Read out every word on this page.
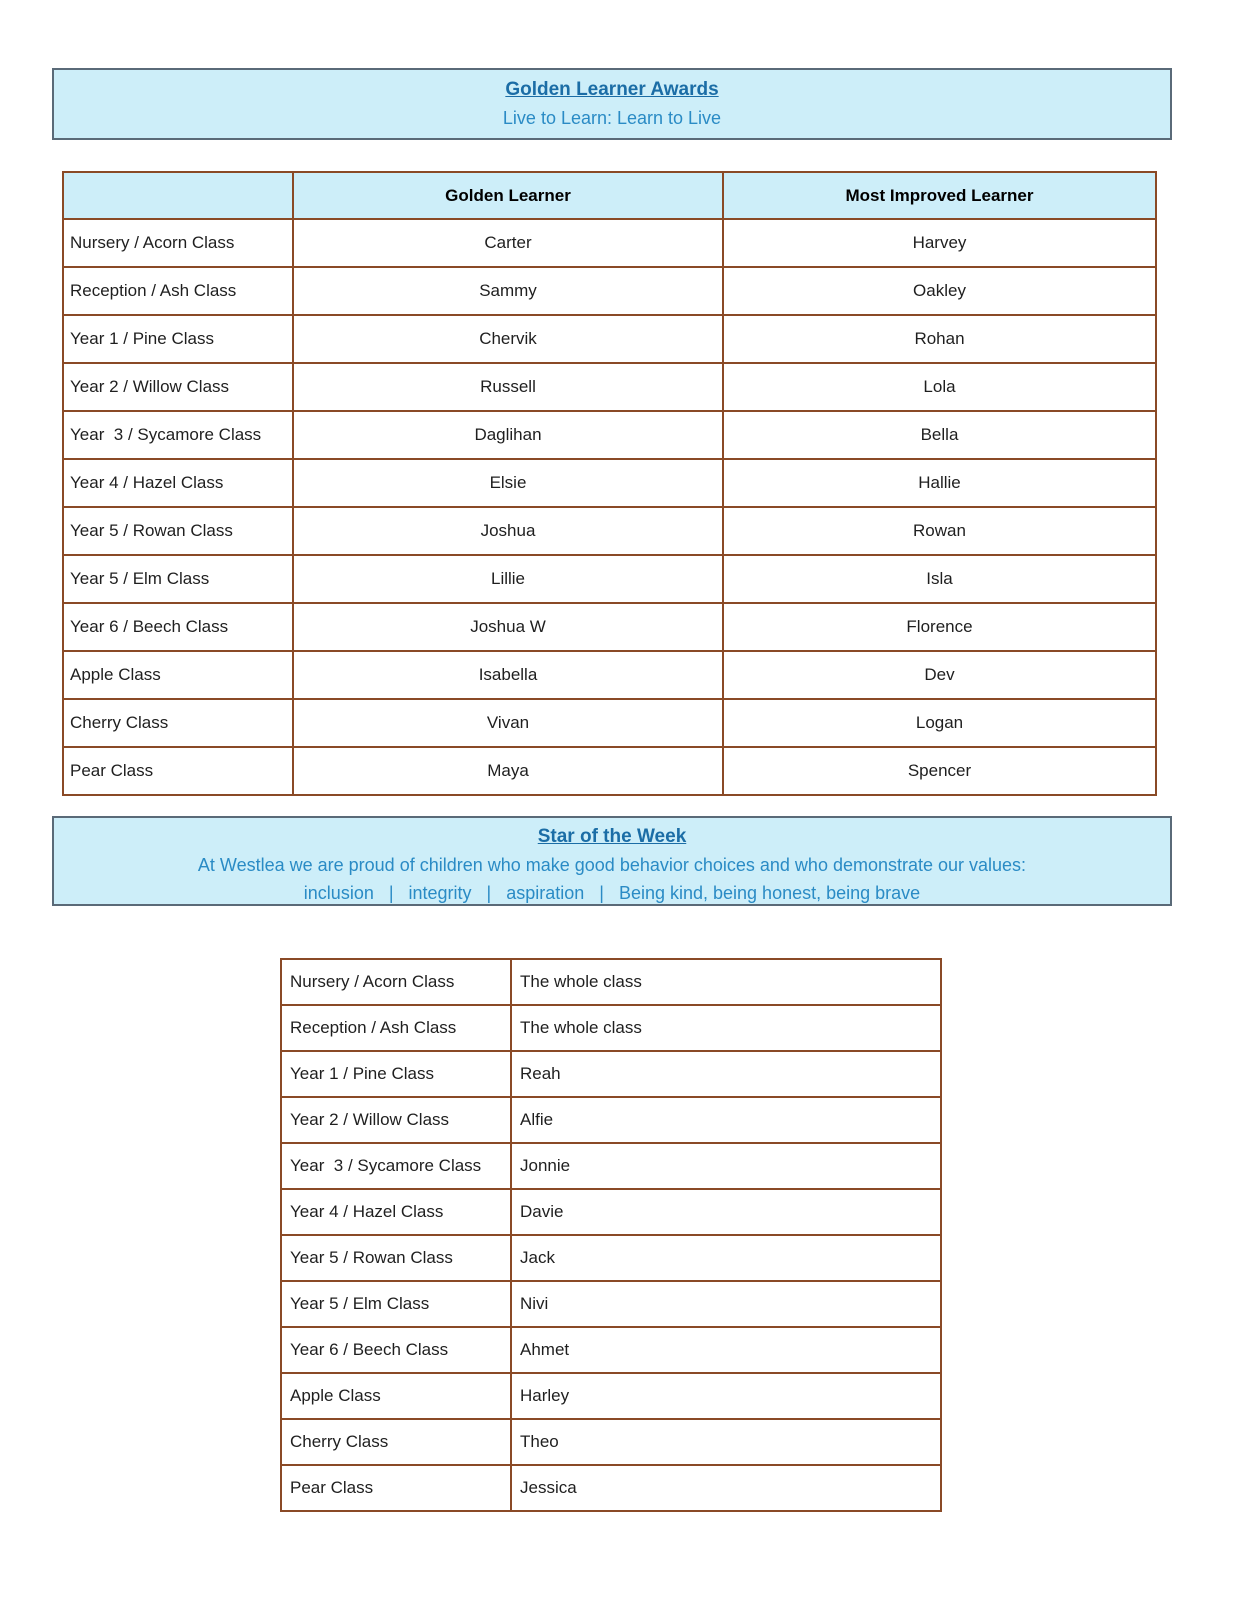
Golden Learner Awards
Live to Learn: Learn to Live
	Golden Learner	Most Improved Learner
Nursery / Acorn Class	Carter	Harvey
Reception / Ash Class	Sammy	Oakley
Year 1 / Pine Class	Chervik	Rohan
Year 2 / Willow Class	Russell	Lola
Year  3 / Sycamore Class	Daglihan	Bella
Year 4 / Hazel Class	Elsie	Hallie
Year 5 / Rowan Class	Joshua	Rowan
Year 5 / Elm Class	Lillie	Isla
Year 6 / Beech Class	Joshua W	Florence
Apple Class	Isabella	Dev
Cherry Class	Vivan	Logan
Pear Class	Maya	Spencer
Star of the Week
At Westlea we are proud of children who make good behavior choices and who demonstrate our values:
inclusion   |   integrity   |   aspiration   |   Being kind, being honest, being brave
Nursery / Acorn Class	The whole class
Reception / Ash Class	The whole class
Year 1 / Pine Class	Reah
Year 2 / Willow Class	Alfie
Year  3 / Sycamore Class	Jonnie
Year 4 / Hazel Class	Davie
Year 5 / Rowan Class	Jack
Year 5 / Elm Class	Nivi
Year 6 / Beech Class	Ahmet
Apple Class	Harley
Cherry Class	Theo
Pear Class	Jessica
